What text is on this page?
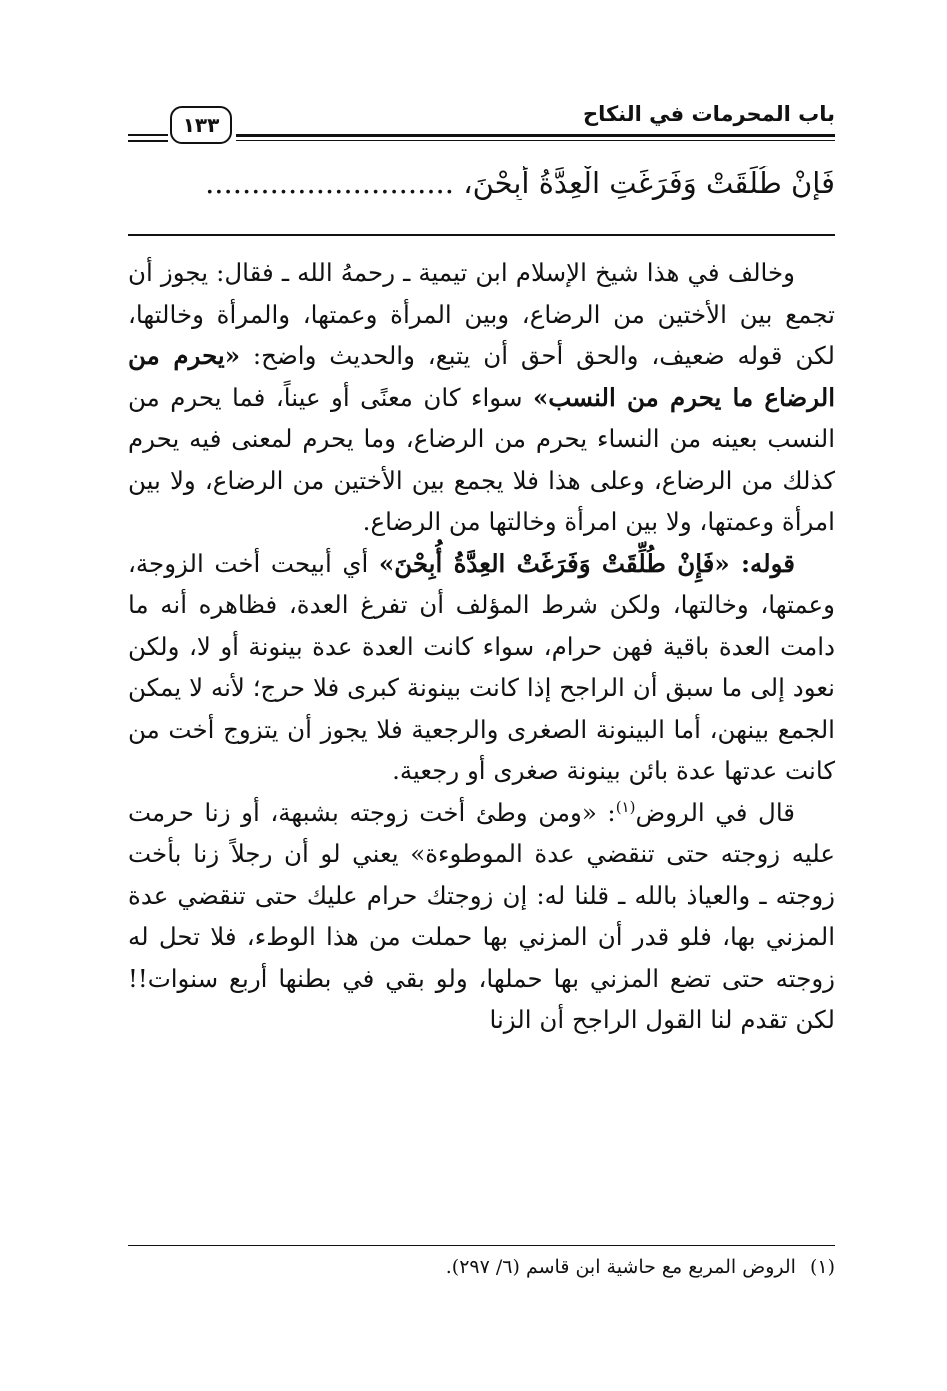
باب المحرمات في النكاح
١٣٣
فَإِنْ طُلِّقَتْ وَفَرَغَتِ الْعِدَّةُ أُبِحْنَ، ...........................

وخالف في هذا شيخ الإسلام ابن تيمية ـ رحمهُ الله ـ فقال: يجوز أن تجمع بين الأختين من الرضاع، وبين المرأة وعمتها، والمرأة وخالتها، لكن قوله ضعيف، والحق أحق أن يتبع، والحديث واضح: «يحرم من الرضاع ما يحرم من النسب» سواء كان معنًى أو عيناً، فما يحرم من النسب بعينه من النساء يحرم من الرضاع، وما يحرم لمعنى فيه يحرم كذلك من الرضاع، وعلى هذا فلا يجمع بين الأختين من الرضاع، ولا بين امرأة وعمتها، ولا بين امرأة وخالتها من الرضاع.

قوله: «فَإِنْ طُلِّقَتْ وَفَرَغَتْ العِدَّةُ أُبِحْنَ» أي أبيحت أخت الزوجة، وعمتها، وخالتها، ولكن شرط المؤلف أن تفرغ العدة، فظاهره أنه ما دامت العدة باقية فهن حرام، سواء كانت العدة عدة بينونة أو لا، ولكن نعود إلى ما سبق أن الراجح إذا كانت بينونة كبرى فلا حرج؛ لأنه لا يمكن الجمع بينهن، أما البينونة الصغرى والرجعية فلا يجوز أن يتزوج أخت من كانت عدتها عدة بائن بينونة صغرى أو رجعية.

قال في الروض$^{(١)}$: «ومن وطئ أخت زوجته بشبهة، أو زنا حرمت عليه زوجته حتى تنقضي عدة الموطوءة» يعني لو أن رجلاً زنا بأخت زوجته ـ والعياذ بالله ـ قلنا له: إن زوجتك حرام عليك حتى تنقضي عدة المزني بها، فلو قدر أن المزني بها حملت من هذا الوطء، فلا تحل له زوجته حتى تضع المزني بها حملها، ولو بقي في بطنها أربع سنوات!! لكن تقدم لنا القول الراجح أن الزنا

(١)الروض المربع مع حاشية ابن قاسم (٦/ ٢٩٧).
